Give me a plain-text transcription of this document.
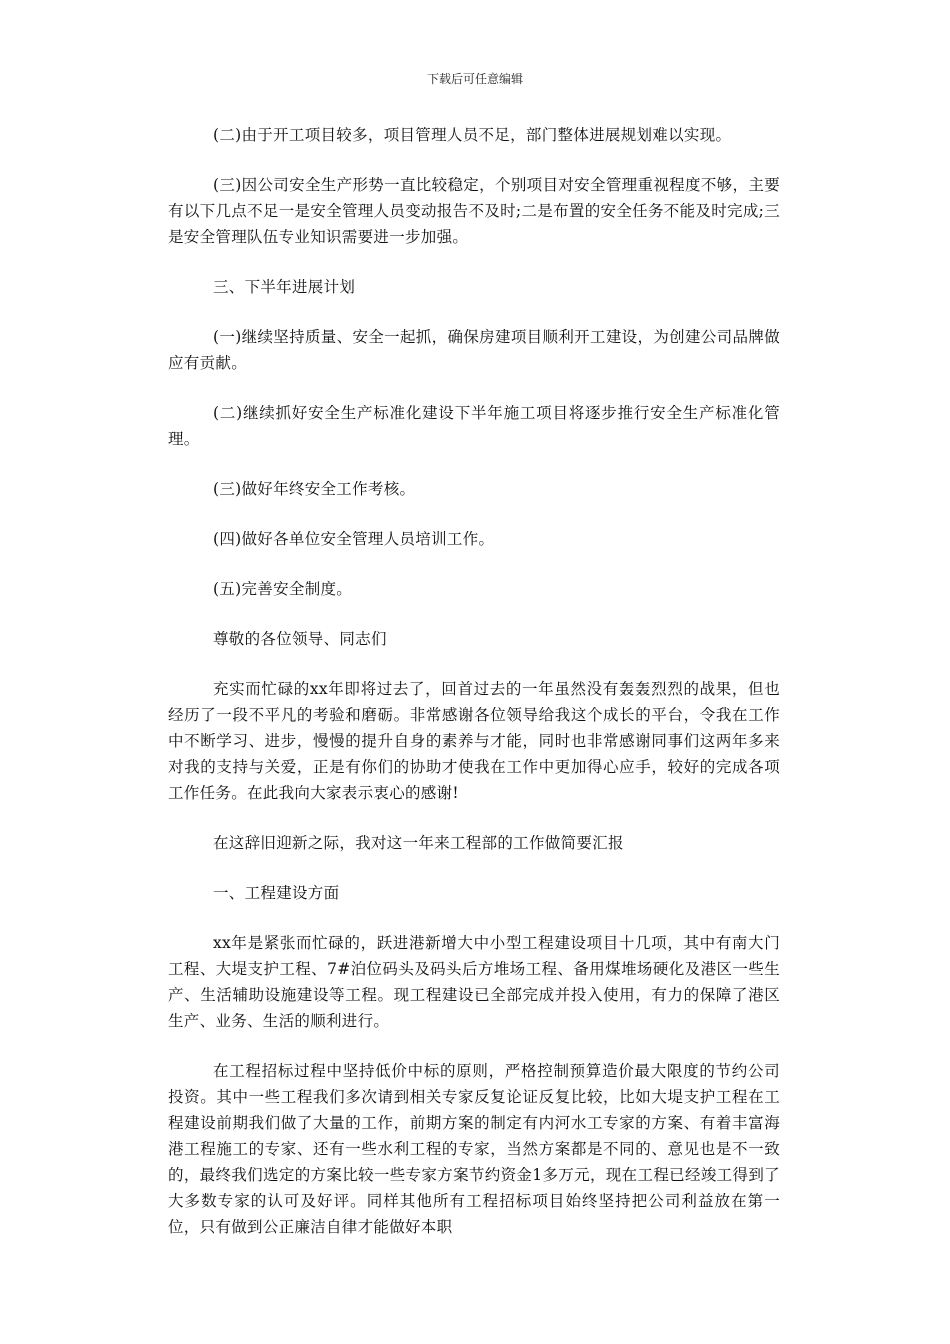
下载后可任意编辑

(二)由于开工项目较多，项目管理人员不足，部门整体进展规划难以实现。

(三)因公司安全生产形势一直比较稳定，个别项目对安全管理重视程度不够，主要有以下几点不足一是安全管理人员变动报告不及时;二是布置的安全任务不能及时完成;三是安全管理队伍专业知识需要进一步加强。

三、下半年进展计划

(一)继续坚持质量、安全一起抓，确保房建项目顺利开工建设，为创建公司品牌做应有贡献。

(二)继续抓好安全生产标准化建设下半年施工项目将逐步推行安全生产标准化管理。

(三)做好年终安全工作考核。

(四)做好各单位安全管理人员培训工作。

(五)完善安全制度。

尊敬的各位领导、同志们

充实而忙碌的xx年即将过去了，回首过去的一年虽然没有轰轰烈烈的战果，但也经历了一段不平凡的考验和磨砺。非常感谢各位领导给我这个成长的平台，令我在工作中不断学习、进步，慢慢的提升自身的素养与才能，同时也非常感谢同事们这两年多来对我的支持与关爱，正是有你们的协助才使我在工作中更加得心应手，较好的完成各项工作任务。在此我向大家表示衷心的感谢!

在这辞旧迎新之际，我对这一年来工程部的工作做简要汇报

一、工程建设方面

xx年是紧张而忙碌的，跃进港新增大中小型工程建设项目十几项，其中有南大门工程、大堤支护工程、7#泊位码头及码头后方堆场工程、备用煤堆场硬化及港区一些生产、生活辅助设施建设等工程。现工程建设已全部完成并投入使用，有力的保障了港区生产、业务、生活的顺利进行。

在工程招标过程中坚持低价中标的原则，严格控制预算造价最大限度的节约公司投资。其中一些工程我们多次请到相关专家反复论证反复比较，比如大堤支护工程在工程建设前期我们做了大量的工作，前期方案的制定有内河水工专家的方案、有着丰富海港工程施工的专家、还有一些水利工程的专家，当然方案都是不同的、意见也是不一致的，最终我们选定的方案比较一些专家方案节约资金1多万元，现在工程已经竣工得到了大多数专家的认可及好评。同样其他所有工程招标项目始终坚持把公司利益放在第一位，只有做到公正廉洁自律才能做好本职
